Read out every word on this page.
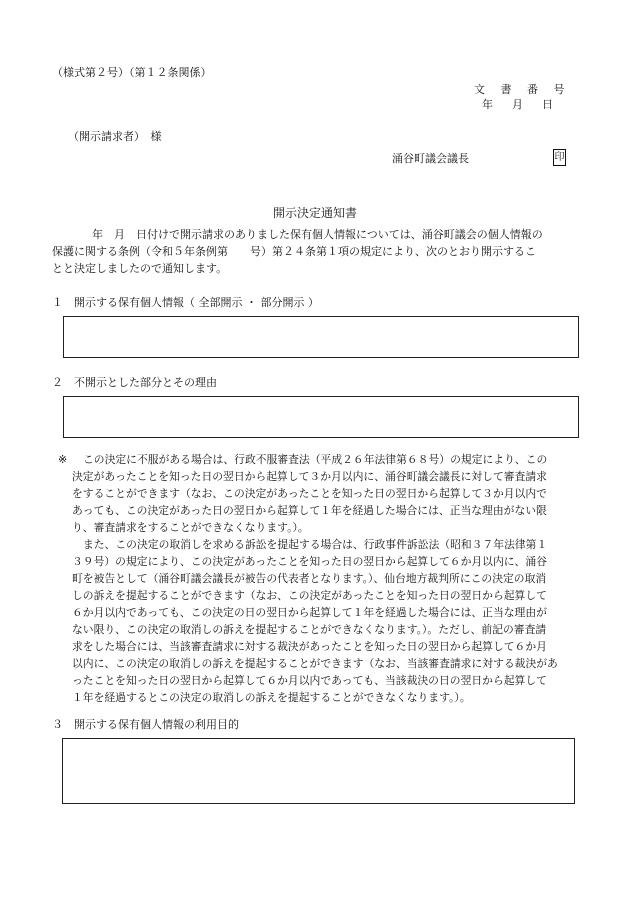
（様式第２号）（第１２条関係）
文 書 番 号
年　月　日
（開示請求者）　様
涌谷町議会議長	印
開示決定通知書
年　月　日付けで開示請求のありました保有個人情報については、涌谷町議会の個人情報の
保護に関する条例（令和５年条例第　　号）第２４条第１項の規定により、次のとおり開示するこ
とと決定しましたので通知します。
１　開示する保有個人情報（ 全部開示 ・ 部分開示 ）
２　不開示とした部分とその理由
※	この決定に不服がある場合は、行政不服審査法（平成２６年法律第６８号）の規定により、この
決定があったことを知った日の翌日から起算して３か月以内に、涌谷町議会議長に対して審査請求
をすることができます（なお、この決定があったことを知った日の翌日から起算して３か月以内で
あっても、この決定があった日の翌日から起算して１年を経過した場合には、正当な理由がない限
り、審査請求をすることができなくなります。）。
また、この決定の取消しを求める訴訟を提起する場合は、行政事件訴訟法（昭和３７年法律第１
３９号）の規定により、この決定があったことを知った日の翌日から起算して６か月以内に、涌谷
町を被告として（涌谷町議会議長が被告の代表者となります。）、仙台地方裁判所にこの決定の取消
しの訴えを提起することができます（なお、この決定があったことを知った日の翌日から起算して
６か月以内であっても、この決定の日の翌日から起算して１年を経過した場合には、正当な理由が
ない限り、この決定の取消しの訴えを提起することができなくなります。）。ただし、前記の審査請
求をした場合には、当該審査請求に対する裁決があったことを知った日の翌日から起算して６か月
以内に、この決定の取消しの訴えを提起することができます（なお、当該審査請求に対する裁決があ
ったことを知った日の翌日から起算して６か月以内であっても、当該裁決の日の翌日から起算して
１年を経過するとこの決定の取消しの訴えを提起することができなくなります。）。
３　開示する保有個人情報の利用目的
